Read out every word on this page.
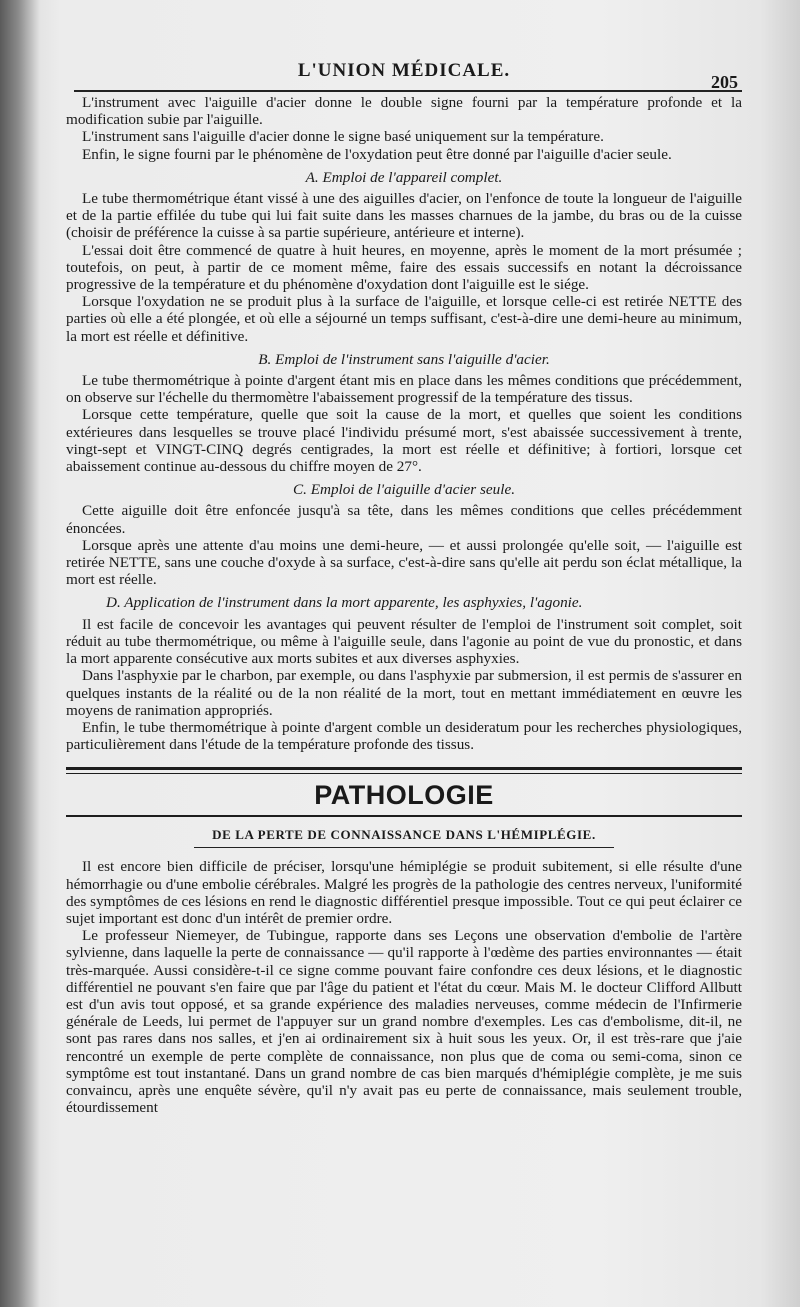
L'UNION MÉDICALE.
205

L'instrument avec l'aiguille d'acier donne le double signe fourni par la température profonde et la modification subie par l'aiguille.

L'instrument sans l'aiguille d'acier donne le signe basé uniquement sur la température.

Enfin, le signe fourni par le phénomène de l'oxydation peut être donné par l'aiguille d'acier seule.

A. Emploi de l'appareil complet.

Le tube thermométrique étant vissé à une des aiguilles d'acier, on l'enfonce de toute la longueur de l'aiguille et de la partie effilée du tube qui lui fait suite dans les masses charnues de la jambe, du bras ou de la cuisse (choisir de préférence la cuisse à sa partie supérieure, antérieure et interne).

L'essai doit être commencé de quatre à huit heures, en moyenne, après le moment de la mort présumée ; toutefois, on peut, à partir de ce moment même, faire des essais successifs en notant la décroissance progressive de la température et du phénomène d'oxydation dont l'aiguille est le siége.

Lorsque l'oxydation ne se produit plus à la surface de l'aiguille, et lorsque celle-ci est retirée NETTE des parties où elle a été plongée, et où elle a séjourné un temps suffisant, c'est-à-dire une demi-heure au minimum, la mort est réelle et définitive.

B. Emploi de l'instrument sans l'aiguille d'acier.

Le tube thermométrique à pointe d'argent étant mis en place dans les mêmes conditions que précédemment, on observe sur l'échelle du thermomètre l'abaissement progressif de la température des tissus.

Lorsque cette température, quelle que soit la cause de la mort, et quelles que soient les conditions extérieures dans lesquelles se trouve placé l'individu présumé mort, s'est abaissée successivement à trente, vingt-sept et VINGT-CINQ degrés centigrades, la mort est réelle et définitive; à fortiori, lorsque cet abaissement continue au-dessous du chiffre moyen de 27°.

C. Emploi de l'aiguille d'acier seule.

Cette aiguille doit être enfoncée jusqu'à sa tête, dans les mêmes conditions que celles précédemment énoncées.

Lorsque après une attente d'au moins une demi-heure, — et aussi prolongée qu'elle soit, — l'aiguille est retirée NETTE, sans une couche d'oxyde à sa surface, c'est-à-dire sans qu'elle ait perdu son éclat métallique, la mort est réelle.

D. Application de l'instrument dans la mort apparente, les asphyxies, l'agonie.

Il est facile de concevoir les avantages qui peuvent résulter de l'emploi de l'instrument soit complet, soit réduit au tube thermométrique, ou même à l'aiguille seule, dans l'agonie au point de vue du pronostic, et dans la mort apparente consécutive aux morts subites et aux diverses asphyxies.

Dans l'asphyxie par le charbon, par exemple, ou dans l'asphyxie par submersion, il est permis de s'assurer en quelques instants de la réalité ou de la non réalité de la mort, tout en mettant immédiatement en œuvre les moyens de ranimation appropriés.

Enfin, le tube thermométrique à pointe d'argent comble un desideratum pour les recherches physiologiques, particulièrement dans l'étude de la température profonde des tissus.

PATHOLOGIE
DE LA PERTE DE CONNAISSANCE DANS L'HÉMIPLÉGIE.

Il est encore bien difficile de préciser, lorsqu'une hémiplégie se produit subitement, si elle résulte d'une hémorrhagie ou d'une embolie cérébrales. Malgré les progrès de la pathologie des centres nerveux, l'uniformité des symptômes de ces lésions en rend le diagnostic différentiel presque impossible. Tout ce qui peut éclairer ce sujet important est donc d'un intérêt de premier ordre.

Le professeur Niemeyer, de Tubingue, rapporte dans ses Leçons une observation d'embolie de l'artère sylvienne, dans laquelle la perte de connaissance — qu'il rapporte à l'œdème des parties environnantes — était très-marquée. Aussi considère-t-il ce signe comme pouvant faire confondre ces deux lésions, et le diagnostic différentiel ne pouvant s'en faire que par l'âge du patient et l'état du cœur. Mais M. le docteur Clifford Allbutt est d'un avis tout opposé, et sa grande expérience des maladies nerveuses, comme médecin de l'Infirmerie générale de Leeds, lui permet de l'appuyer sur un grand nombre d'exemples. Les cas d'embolisme, dit-il, ne sont pas rares dans nos salles, et j'en ai ordinairement six à huit sous les yeux. Or, il est très-rare que j'aie rencontré un exemple de perte complète de connaissance, non plus que de coma ou semi-coma, sinon ce symptôme est tout instantané. Dans un grand nombre de cas bien marqués d'hémiplégie complète, je me suis convaincu, après une enquête sévère, qu'il n'y avait pas eu perte de connaissance, mais seulement trouble, étourdissement
